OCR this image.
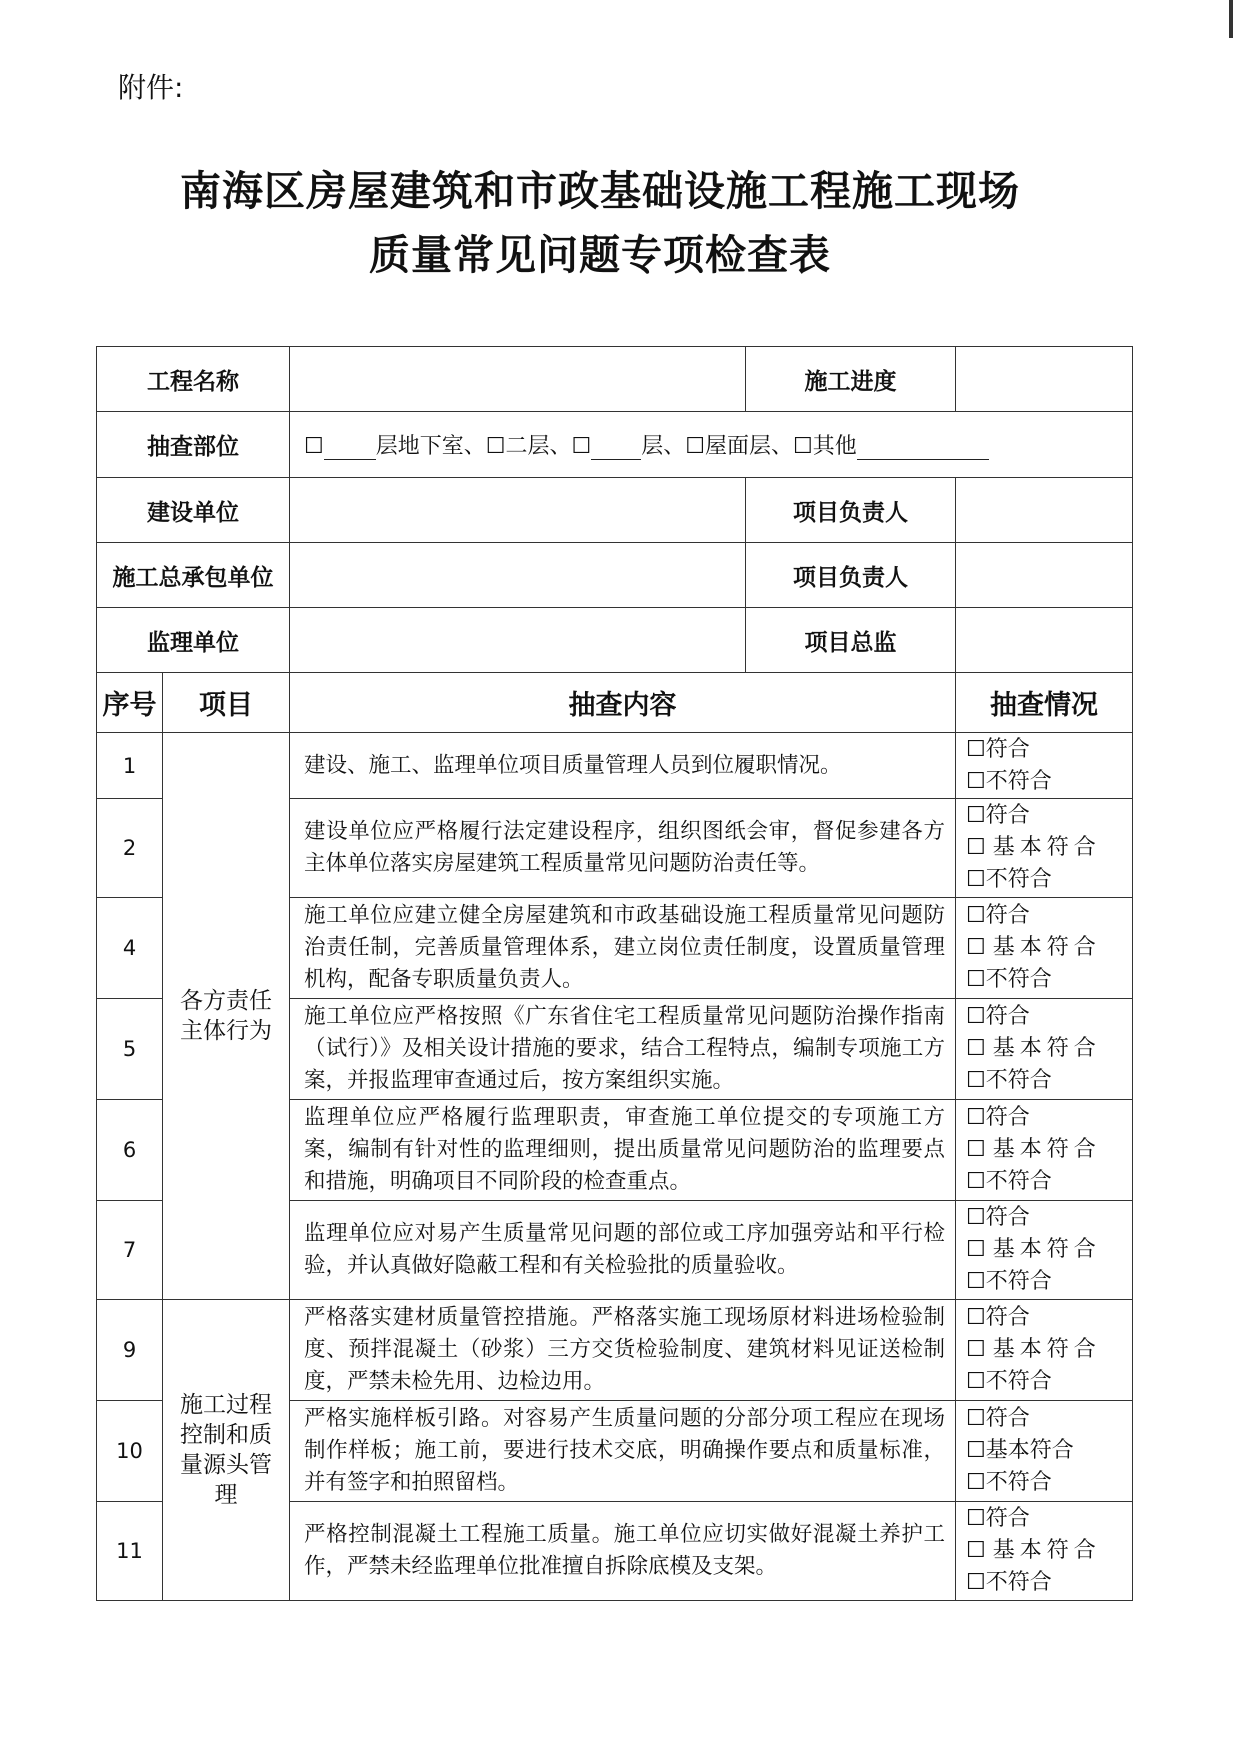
附件:
南海区房屋建筑和市政基础设施工程施工现场
质量常见问题专项检查表
工程名称			施工进度	
抽查部位		☐ 层地下室、☐二层、☐ 层、☐屋面层、☐其他		
建设单位			项目负责人	
施工总承包单位			项目负责人	
监理单位			项目总监	
序号	项目	抽查内容		抽查情况
1	各方责任主体行为	建设、施工、监理单位项目质量管理人员到位履职情况。		☐符合
☐不符合

2		建设单位应严格履行法定建设程序，组织图纸会审，督促参建各方主体单位落实房屋建筑工程质量常见问题防治责任等。		☐符合
☐ 基本符合
☐不符合

4		施工单位应建立健全房屋建筑和市政基础设施工程质量常见问题防治责任制，完善质量管理体系，建立岗位责任制度，设置质量管理机构，配备专职质量负责人。		☐符合
☐ 基本符合
☐不符合

5		施工单位应严格按照《广东省住宅工程质量常见问题防治操作指南（试行）》及相关设计措施的要求，结合工程特点，编制专项施工方案，并报监理审查通过后，按方案组织实施。		☐符合
☐ 基本符合
☐不符合

6		监理单位应严格履行监理职责，审查施工单位提交的专项施工方案，编制有针对性的监理细则，提出质量常见问题防治的监理要点和措施，明确项目不同阶段的检查重点。		☐符合
☐ 基本符合
☐不符合

7		监理单位应对易产生质量常见问题的部位或工序加强旁站和平行检验，并认真做好隐蔽工程和有关检验批的质量验收。		☐符合
☐ 基本符合
☐不符合

9	施工过程控制和质量源头管理	严格落实建材质量管控措施。严格落实施工现场原材料进场检验制度、预拌混凝土（砂浆）三方交货检验制度、建筑材料见证送检制度，严禁未检先用、边检边用。		☐符合
☐ 基本符合
☐不符合

10		严格实施样板引路。对容易产生质量问题的分部分项工程应在现场制作样板；施工前，要进行技术交底，明确操作要点和质量标准，并有签字和拍照留档。		☐符合
☐基本符合
☐不符合

11		严格控制混凝土工程施工质量。施工单位应切实做好混凝土养护工作，严禁未经监理单位批准擅自拆除底模及支架。		☐符合
☐ 基本符合
☐不符合
